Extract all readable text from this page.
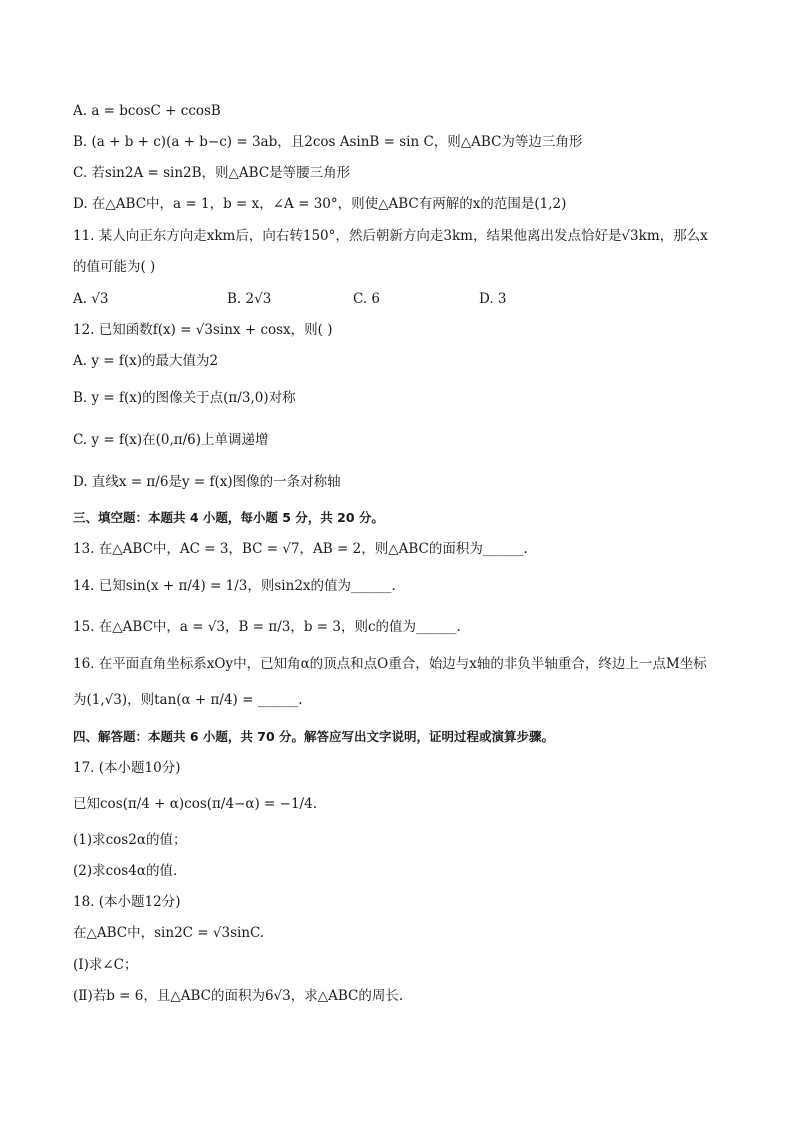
A. a = bcosC + ccosB
B. (a + b + c)(a + b−c) = 3ab，且2cos AsinB = sin C，则△ABC为等边三角形
C. 若sin2A = sin2B，则△ABC是等腰三角形
D. 在△ABC中，a = 1，b = x，∠A = 30°，则使△ABC有两解的x的范围是(1,2)
11. 某人向正东方向走xkm后，向右转150°，然后朝新方向走3km，结果他离出发点恰好是√3km，那么x
的值可能为( )
A. √3	B. 2√3	C. 6	D. 3
12. 已知函数f(x) = √3sinx + cosx，则( )
A. y = f(x)的最大值为2
B. y = f(x)的图像关于点(π/3,0)对称
C. y = f(x)在(0,π/6)上单调递增
D. 直线x = π/6是y = f(x)图像的一条对称轴
三、填空题：本题共 4 小题，每小题 5 分，共 20 分。
13. 在△ABC中，AC = 3，BC = √7，AB = 2，则△ABC的面积为______.
14. 已知sin(x + π/4) = 1/3，则sin2x的值为______.
15. 在△ABC中，a = √3，B = π/3，b = 3，则c的值为______.
16. 在平面直角坐标系xOy中，已知角α的顶点和点O重合，始边与x轴的非负半轴重合，终边上一点M坐标
为(1,√3)，则tan(α + π/4) = ______.
四、解答题：本题共 6 小题，共 70 分。解答应写出文字说明，证明过程或演算步骤。
17. (本小题10分)
已知cos(π/4 + α)cos(π/4−α) = −1/4.
(1)求cos2α的值；
(2)求cos4α的值.
18. (本小题12分)
在△ABC中，sin2C = √3sinC.
(Ⅰ)求∠C；
(Ⅱ)若b = 6，且△ABC的面积为6√3，求△ABC的周长.
